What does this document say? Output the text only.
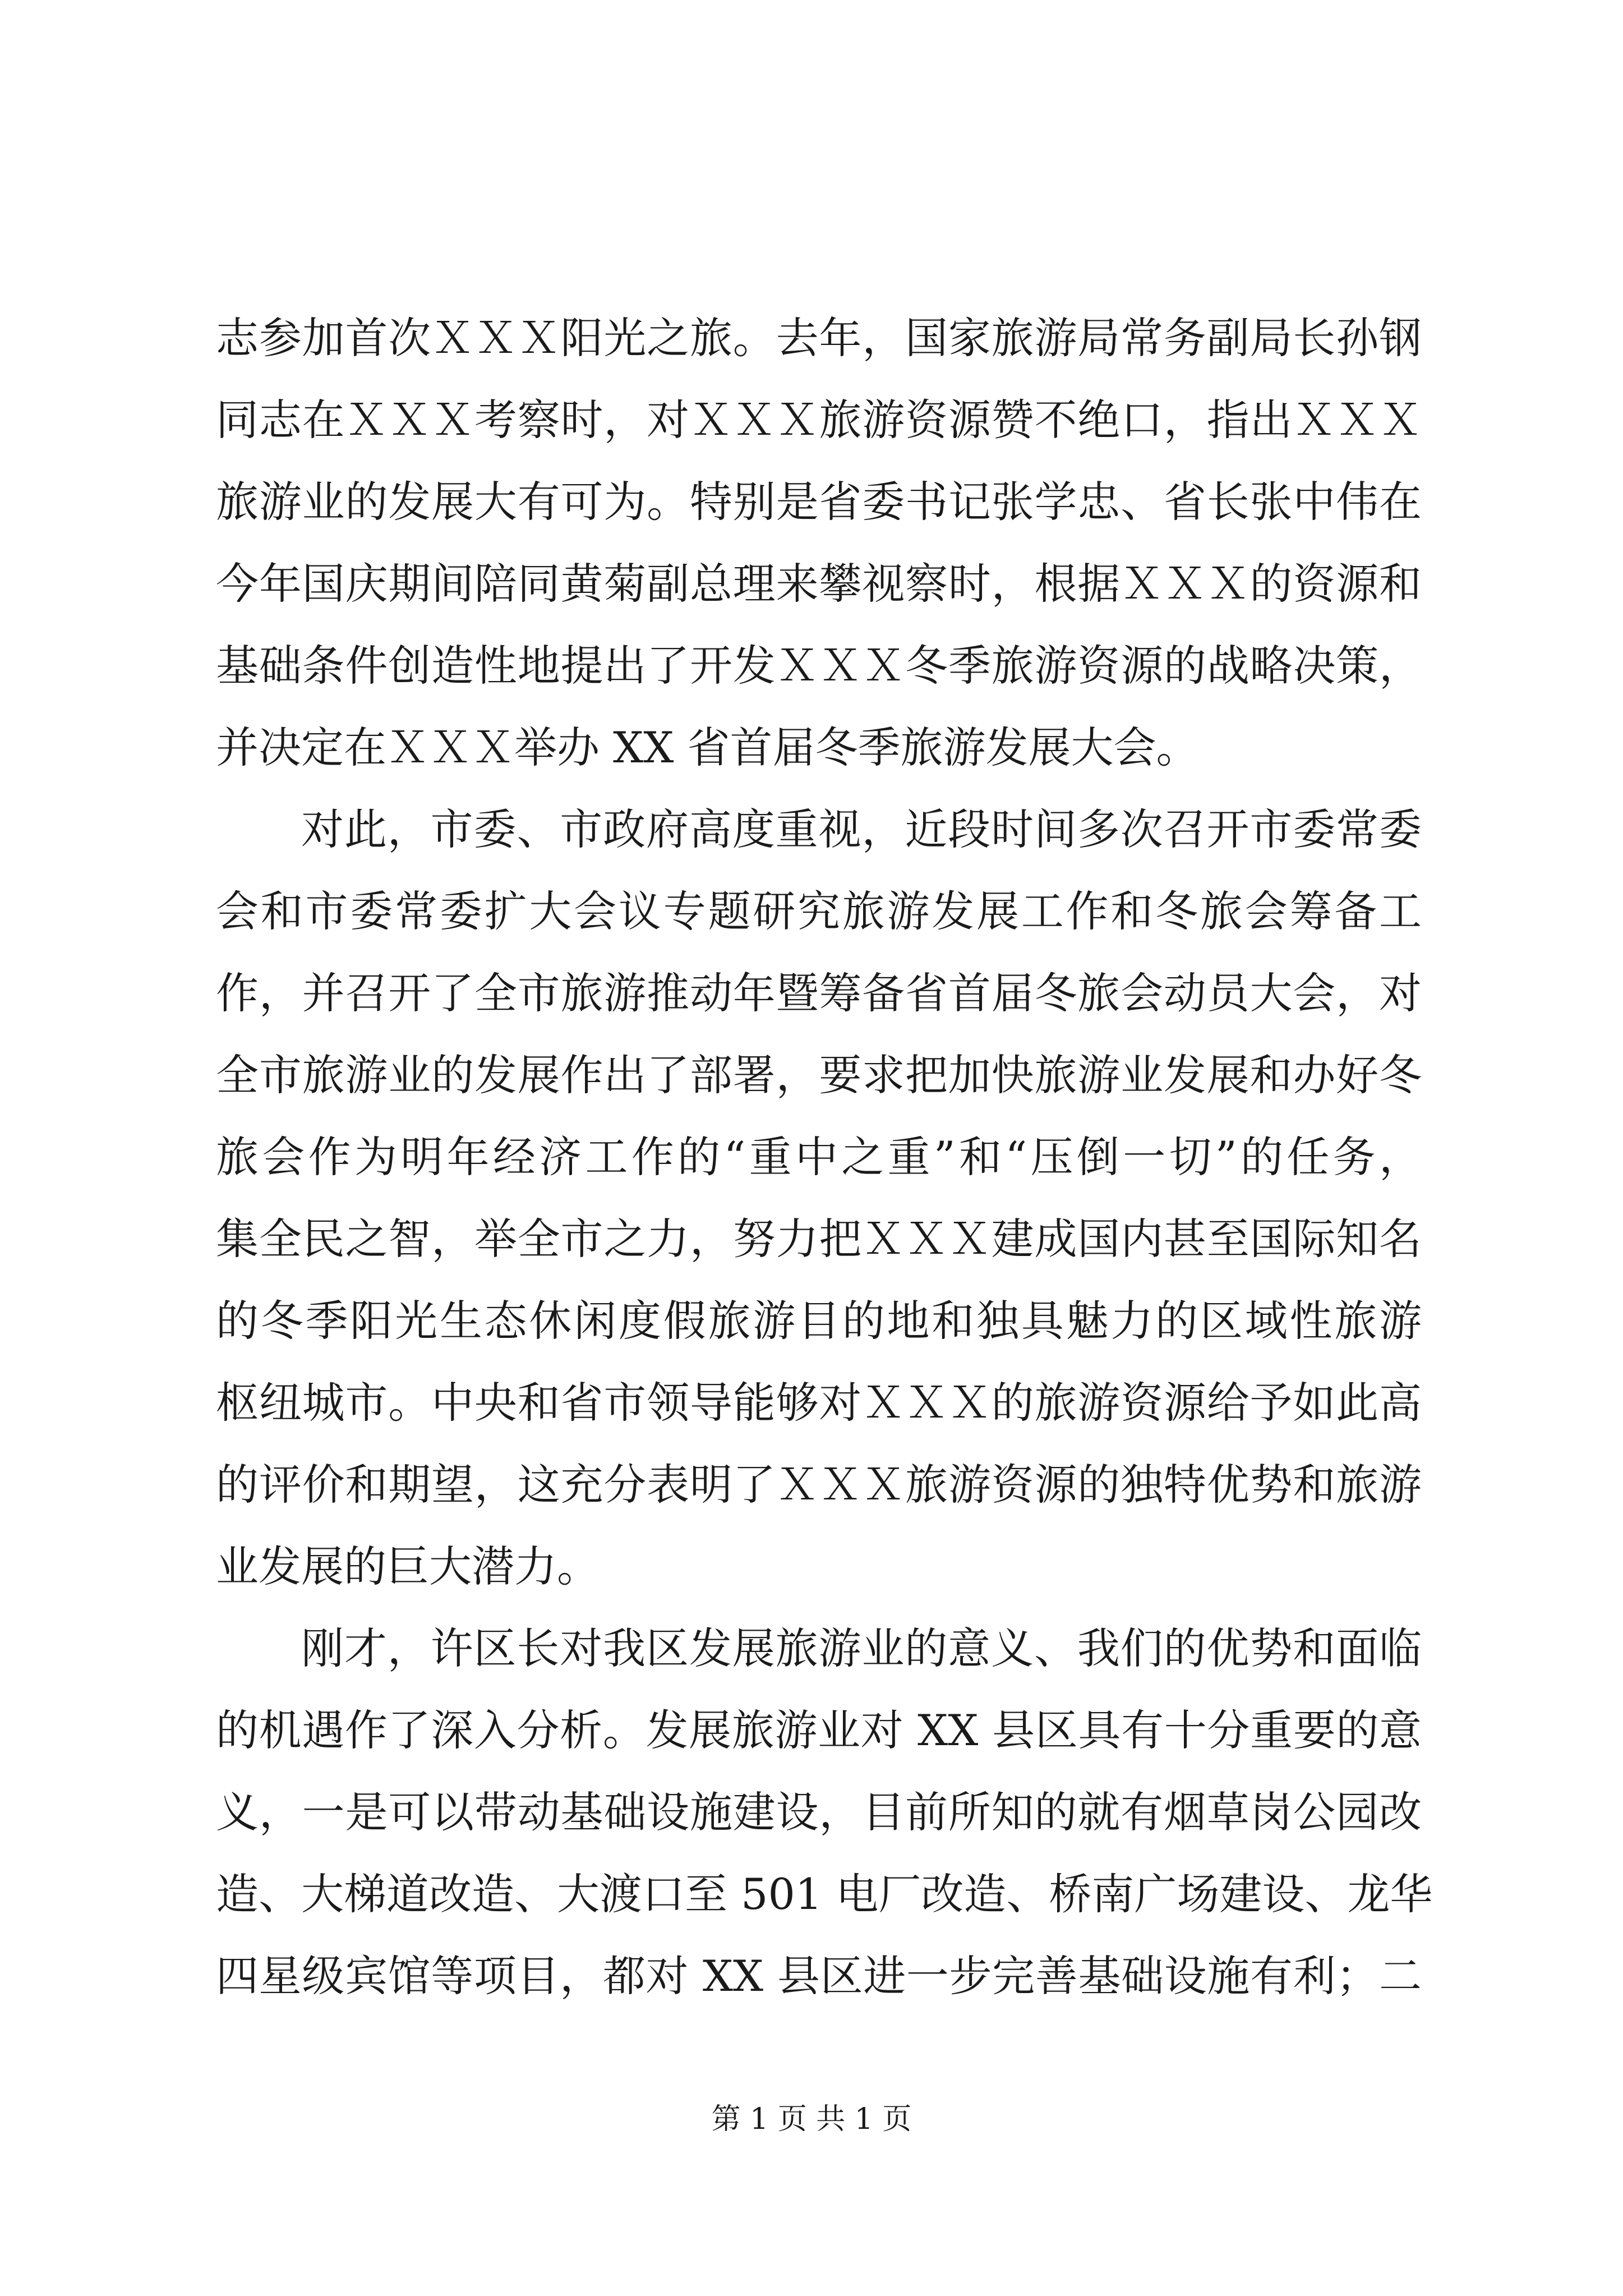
志参加首次ＸＸＸ阳光之旅。去年，国家旅游局常务副局长孙钢
同志在ＸＸＸ考察时，对ＸＸＸ旅游资源赞不绝口，指出ＸＸＸ
旅游业的发展大有可为。特别是省委书记张学忠、省长张中伟在
今年国庆期间陪同黄菊副总理来攀视察时，根据ＸＸＸ的资源和
基础条件创造性地提出了开发ＸＸＸ冬季旅游资源的战略决策，
并决定在ＸＸＸ举办 XX 省首届冬季旅游发展大会。
对此，市委、市政府高度重视，近段时间多次召开市委常委
会和市委常委扩大会议专题研究旅游发展工作和冬旅会筹备工
作，并召开了全市旅游推动年暨筹备省首届冬旅会动员大会，对
全市旅游业的发展作出了部署，要求把加快旅游业发展和办好冬
旅会作为明年经济工作的“重中之重”和“压倒一切”的任务，
集全民之智，举全市之力，努力把ＸＸＸ建成国内甚至国际知名
的冬季阳光生态休闲度假旅游目的地和独具魅力的区域性旅游
枢纽城市。中央和省市领导能够对ＸＸＸ的旅游资源给予如此高
的评价和期望，这充分表明了ＸＸＸ旅游资源的独特优势和旅游
业发展的巨大潜力。
刚才，许区长对我区发展旅游业的意义、我们的优势和面临
的机遇作了深入分析。发展旅游业对 XX 县区具有十分重要的意
义，一是可以带动基础设施建设，目前所知的就有烟草岗公园改
造、大梯道改造、大渡口至 501 电厂改造、桥南广场建设、龙华
四星级宾馆等项目，都对 XX 县区进一步完善基础设施有利；二
第 1 页 共 1 页
